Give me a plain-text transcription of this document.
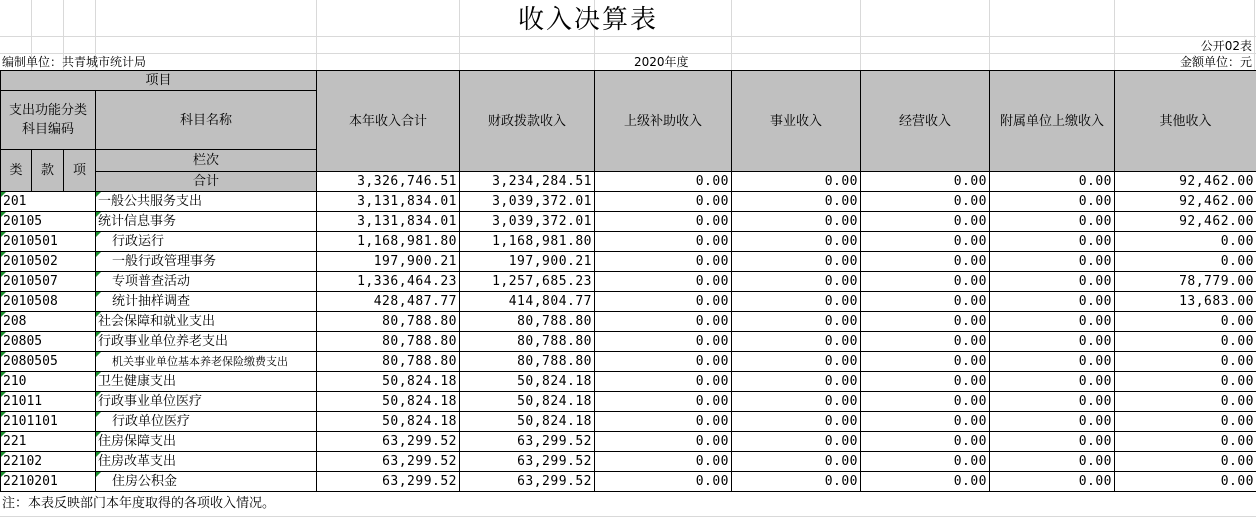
收入决算表
公开02表
编制单位：共青城市统计局	2020年度	金额单位：元
项目				本年收入合计	财政拨款收入	上级补助收入	事业收入	经营收入	附属单位上缴收入	其他收入	
支出功能分类科目编码			科目名称								

类	款	项	栏次							
			合计	3,326,746.51	3,234,284.51	0.00	0.00	0.00	0.00	92,462.00	
201			一般公共服务支出	3,131,834.01	3,039,372.01	0.00	0.00	0.00	0.00	92,462.00	
20105			统计信息事务	3,131,834.01	3,039,372.01	0.00	0.00	0.00	0.00	92,462.00	
2010501			行政运行	1,168,981.80	1,168,981.80	0.00	0.00	0.00	0.00	0.00	
2010502			一般行政管理事务	197,900.21	197,900.21	0.00	0.00	0.00	0.00	0.00	
2010507			专项普查活动	1,336,464.23	1,257,685.23	0.00	0.00	0.00	0.00	78,779.00	
2010508			统计抽样调查	428,487.77	414,804.77	0.00	0.00	0.00	0.00	13,683.00	
208			社会保障和就业支出	80,788.80	80,788.80	0.00	0.00	0.00	0.00	0.00	
20805			行政事业单位养老支出	80,788.80	80,788.80	0.00	0.00	0.00	0.00	0.00	
2080505			机关事业单位基本养老保险缴费支出	80,788.80	80,788.80	0.00	0.00	0.00	0.00	0.00	
210			卫生健康支出	50,824.18	50,824.18	0.00	0.00	0.00	0.00	0.00	
21011			行政事业单位医疗	50,824.18	50,824.18	0.00	0.00	0.00	0.00	0.00	
2101101			行政单位医疗	50,824.18	50,824.18	0.00	0.00	0.00	0.00	0.00	
221			住房保障支出	63,299.52	63,299.52	0.00	0.00	0.00	0.00	0.00	
22102			住房改革支出	63,299.52	63,299.52	0.00	0.00	0.00	0.00	0.00	
2210201			住房公积金	63,299.52	63,299.52	0.00	0.00	0.00	0.00	0.00	
注：本表反映部门本年度取得的各项收入情况。
